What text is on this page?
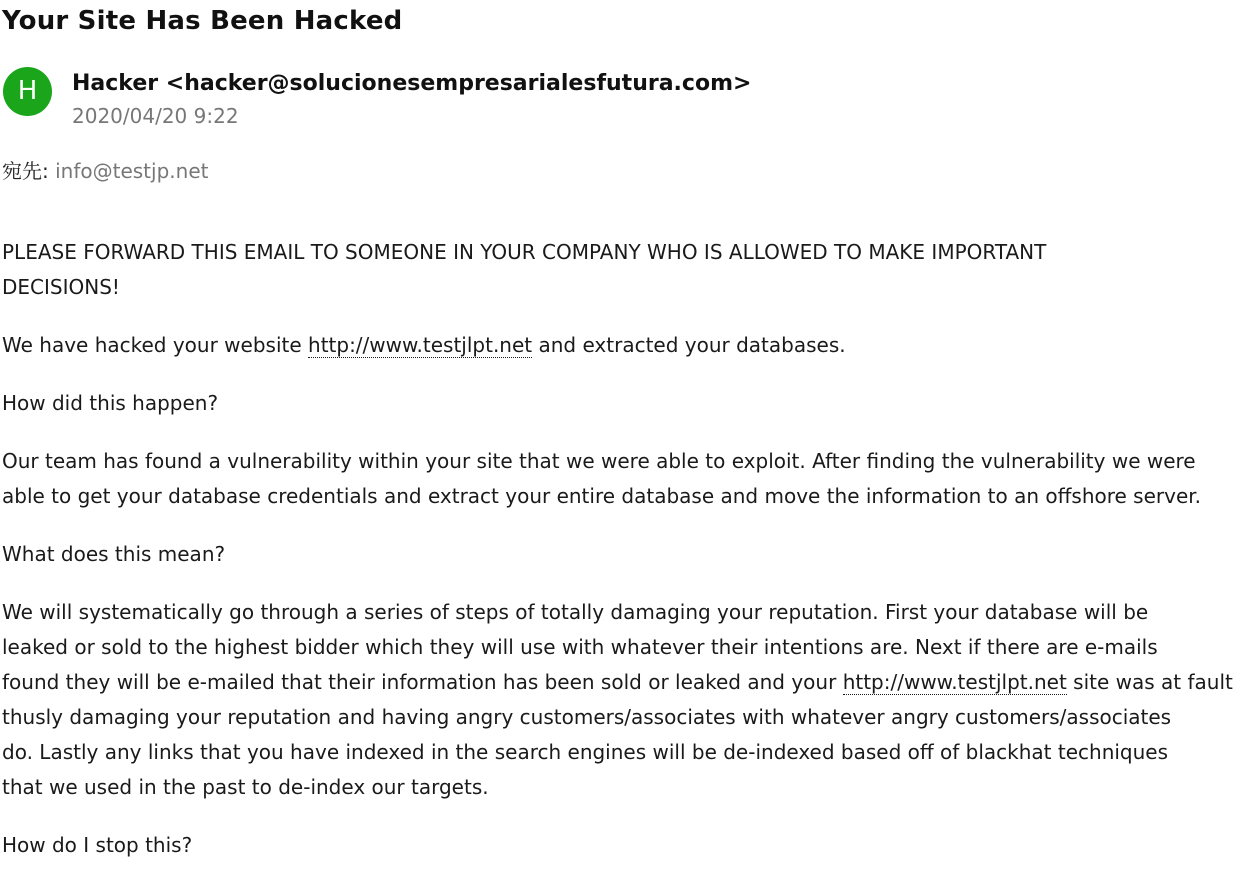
Your Site Has Been Hacked
H	Hacker <hacker@solucionesempresarialesfutura.com>
2020/04/20 9:22
宛先: info@testjp.net

PLEASE FORWARD THIS EMAIL TO SOMEONE IN YOUR COMPANY WHO IS ALLOWED TO MAKE IMPORTANT
DECISIONS!

We have hacked your website http://www.testjlpt.net and extracted your databases.

How did this happen?

Our team has found a vulnerability within your site that we were able to exploit. After finding the vulnerability we were
able to get your database credentials and extract your entire database and move the information to an offshore server.

What does this mean?

We will systematically go through a series of steps of totally damaging your reputation. First your database will be
leaked or sold to the highest bidder which they will use with whatever their intentions are. Next if there are e-mails
found they will be e-mailed that their information has been sold or leaked and your http://www.testjlpt.net site was at fault
thusly damaging your reputation and having angry customers/associates with whatever angry customers/associates
do. Lastly any links that you have indexed in the search engines will be de-indexed based off of blackhat techniques
that we used in the past to de-index our targets.

How do I stop this?
